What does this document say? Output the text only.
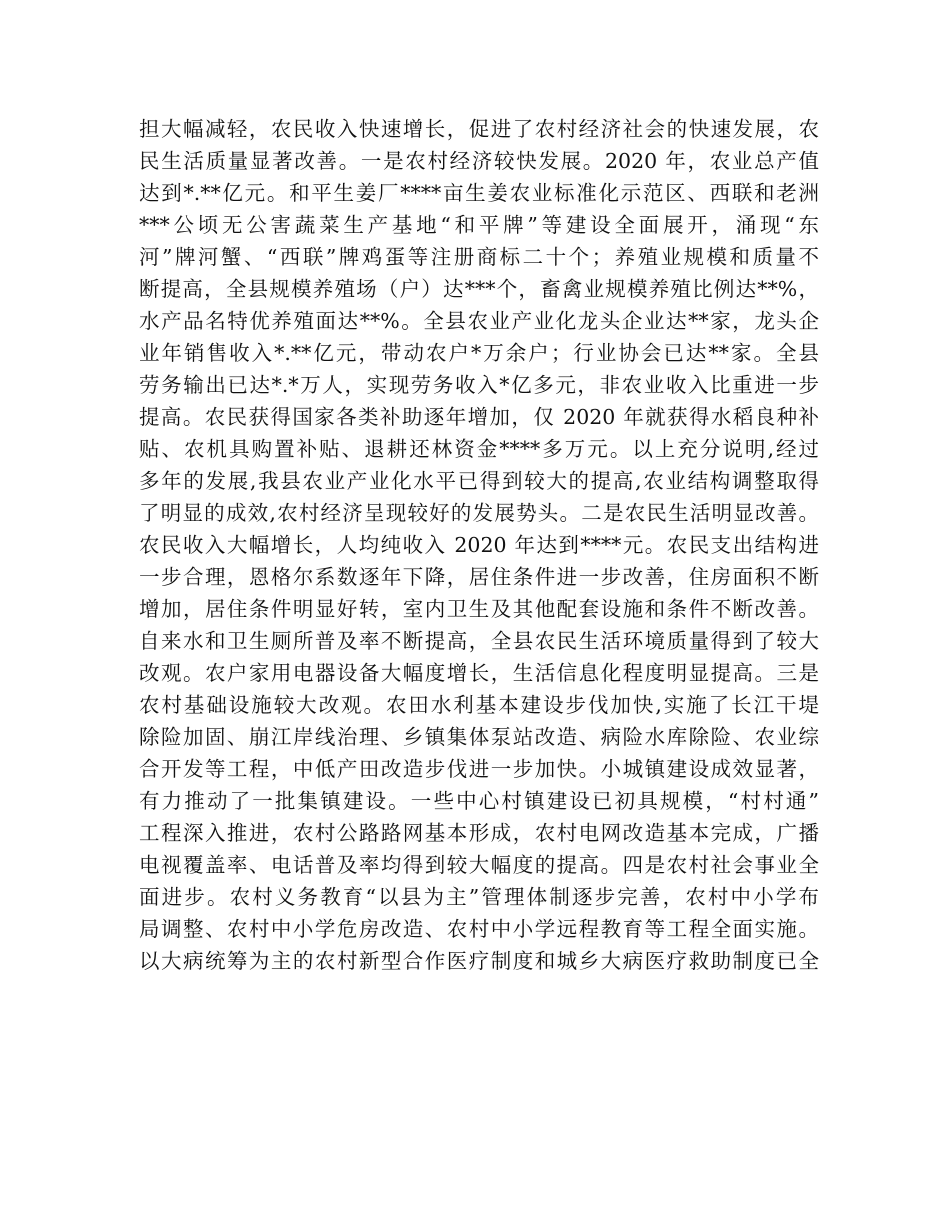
担大幅减轻，农民收入快速增长，促进了农村经济社会的快速发展，农
民生活质量显著改善。一是农村经济较快发展。2020 年，农业总产值
达到*.**亿元。和平生姜厂****亩生姜农业标准化示范区、西联和老洲
***公顷无公害蔬菜生产基地“和平牌”等建设全面展开，涌现“东
河”牌河蟹、“西联”牌鸡蛋等注册商标二十个；养殖业规模和质量不
断提高，全县规模养殖场（户）达***个，畜禽业规模养殖比例达**%，
水产品名特优养殖面达**%。全县农业产业化龙头企业达**家，龙头企
业年销售收入*.**亿元，带动农户*万余户；行业协会已达**家。全县
劳务输出已达*.*万人，实现劳务收入*亿多元，非农业收入比重进一步
提高。农民获得国家各类补助逐年增加，仅 2020 年就获得水稻良种补
贴、农机具购置补贴、退耕还林资金****多万元。以上充分说明,经过
多年的发展,我县农业产业化水平已得到较大的提高,农业结构调整取得
了明显的成效,农村经济呈现较好的发展势头。二是农民生活明显改善。
农民收入大幅增长，人均纯收入 2020 年达到****元。农民支出结构进
一步合理，恩格尔系数逐年下降，居住条件进一步改善，住房面积不断
增加，居住条件明显好转，室内卫生及其他配套设施和条件不断改善。
自来水和卫生厕所普及率不断提高，全县农民生活环境质量得到了较大
改观。农户家用电器设备大幅度增长，生活信息化程度明显提高。三是
农村基础设施较大改观。农田水利基本建设步伐加快,实施了长江干堤
除险加固、崩江岸线治理、乡镇集体泵站改造、病险水库除险、农业综
合开发等工程，中低产田改造步伐进一步加快。小城镇建设成效显著，
有力推动了一批集镇建设。一些中心村镇建设已初具规模，“村村通”
工程深入推进，农村公路路网基本形成，农村电网改造基本完成，广播
电视覆盖率、电话普及率均得到较大幅度的提高。四是农村社会事业全
面进步。农村义务教育“以县为主”管理体制逐步完善，农村中小学布
局调整、农村中小学危房改造、农村中小学远程教育等工程全面实施。
以大病统筹为主的农村新型合作医疗制度和城乡大病医疗救助制度已全
